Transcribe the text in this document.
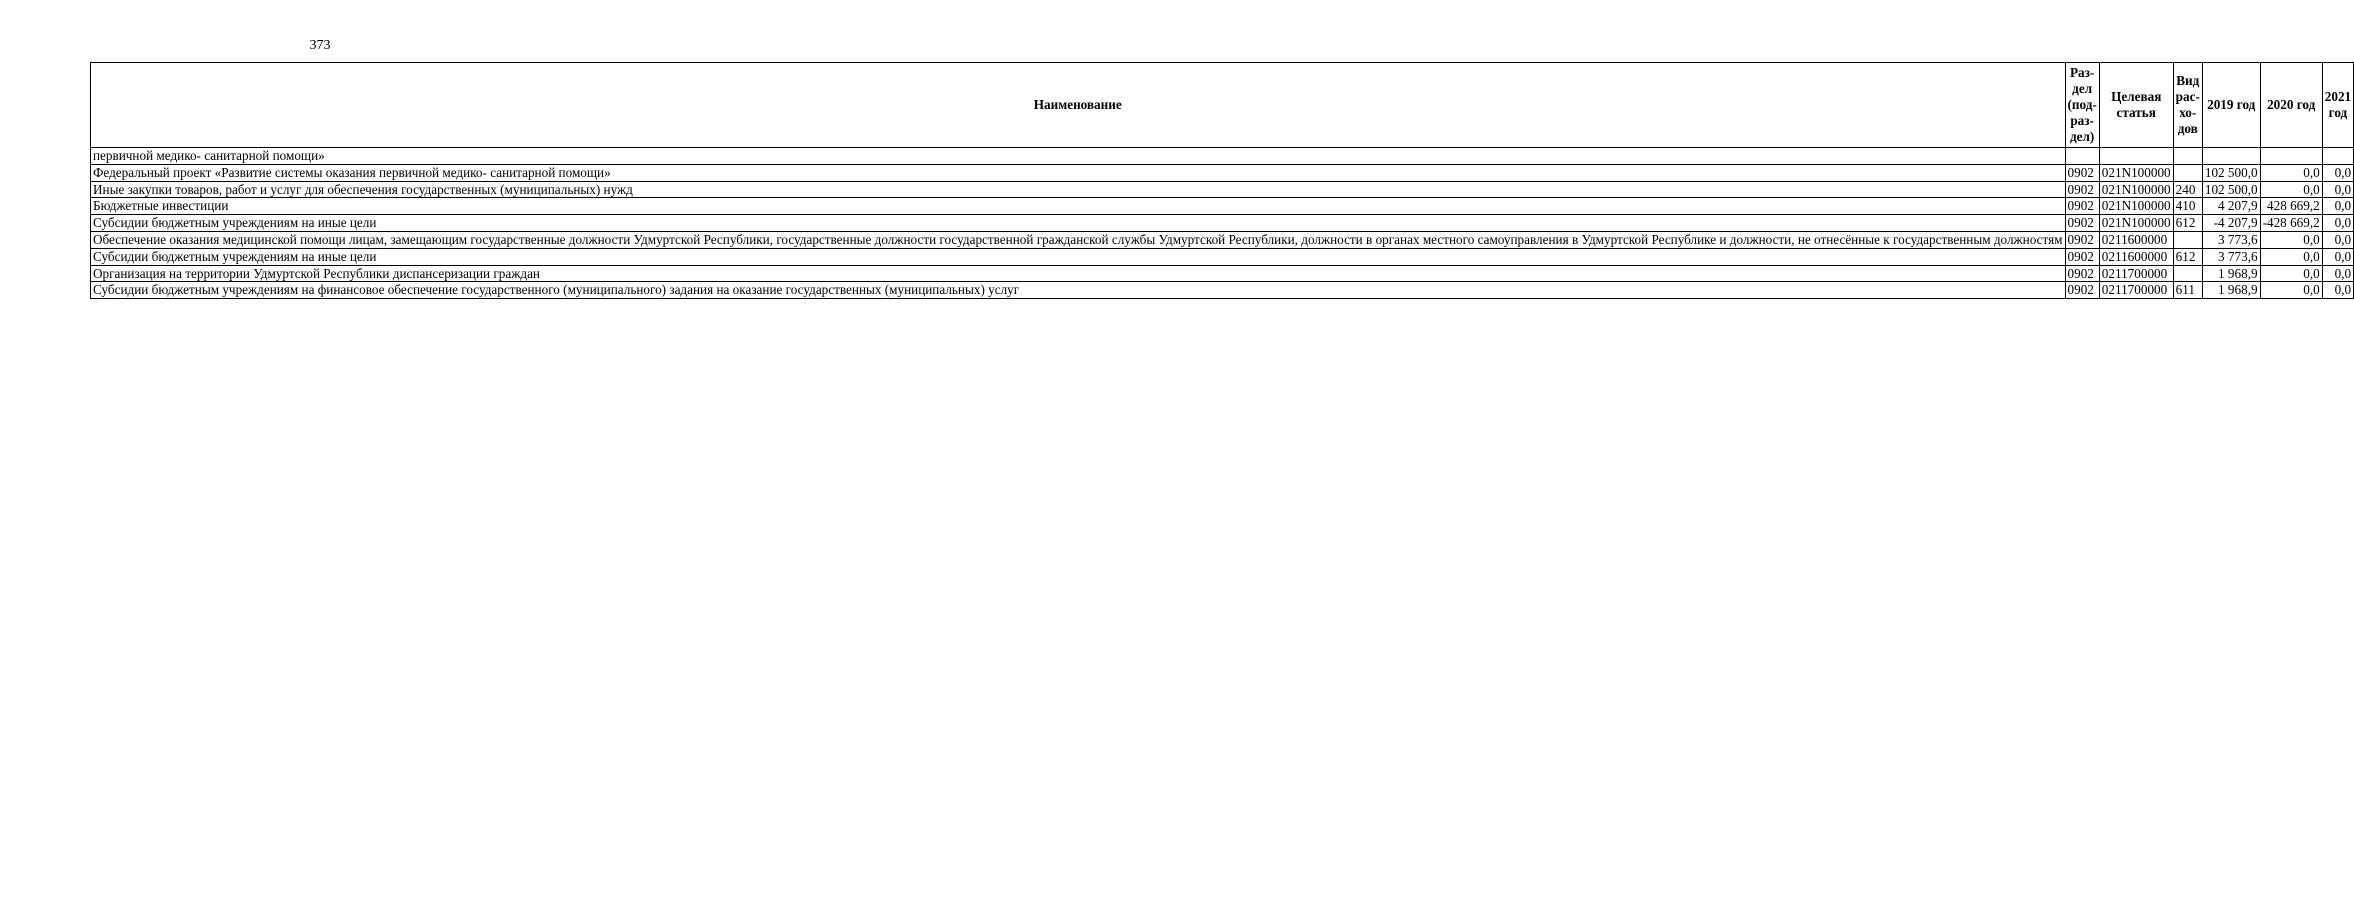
373
Наименование	Раз-
дел
(под-
раз-
дел)	Целевая
статья	Вид
рас-
хо-
дов	2019 год	2020 год	2021 год
первичной медико- санитарной помощи»						
Федеральный проект «Развитие системы оказания первичной медико- санитарной помощи»	0902	021N100000		102 500,0	0,0	0,0
Иные закупки товаров, работ и услуг для обеспечения государственных (муниципальных) нужд	0902	021N100000	240	102 500,0	0,0	0,0
Бюджетные инвестиции	0902	021N100000	410	4 207,9	428 669,2	0,0
Субсидии бюджетным учреждениям на иные цели	0902	021N100000	612	-4 207,9	-428 669,2	0,0
Обеспечение оказания медицинской помощи лицам, замещающим государственные должности Удмуртской Республики, государственные должности государственной гражданской службы Удмуртской Республики, должности в органах местного самоуправления в Удмуртской Республике и должности, не отнесённые к государственным должностям	0902	0211600000		3 773,6	0,0	0,0
Субсидии бюджетным учреждениям на иные цели	0902	0211600000	612	3 773,6	0,0	0,0
Организация на территории Удмуртской Республики диспансеризации граждан	0902	0211700000		1 968,9	0,0	0,0
Субсидии бюджетным учреждениям на финансовое обеспечение государственного (муниципального) задания на оказание государственных (муниципальных) услуг	0902	0211700000	611	1 968,9	0,0	0,0
